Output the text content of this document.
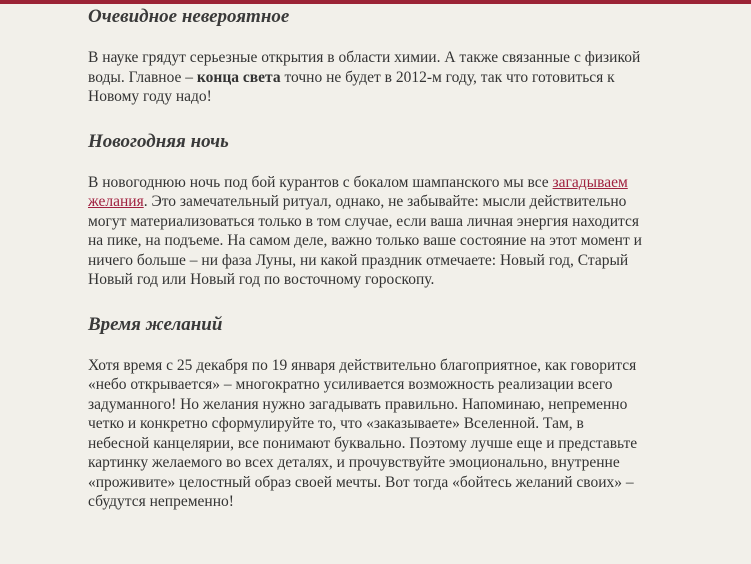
Очевидное невероятное

В науке грядут серьезные открытия в области химии. А также связанные с физикой воды. Главное – конца света точно не будет в 2012-м году, так что готовиться к Новому году надо!

Новогодняя ночь

В новогоднюю ночь под бой курантов с бокалом шампанского мы все загадываем желания. Это замечательный ритуал, однако, не забывайте: мысли действительно могут материализоваться только в том случае, если ваша личная энергия находится на пике, на подъеме. На самом деле, важно только ваше состояние на этот момент и ничего больше – ни фаза Луны, ни какой праздник отмечаете: Новый год, Старый Новый год или Новый год по восточному гороскопу.

Время желаний

Хотя время с 25 декабря по 19 января действительно благоприятное, как говорится «небо открывается» – многократно усиливается возможность реализации всего задуманного! Но желания нужно загадывать правильно. Напоминаю, непременно четко и конкретно сформулируйте то, что «заказываете» Вселенной. Там, в небесной канцелярии, все понимают буквально. Поэтому лучше еще и представьте картинку желаемого во всех деталях, и прочувствуйте эмоционально, внутренне «проживите» целостный образ своей мечты. Вот тогда «бойтесь желаний своих» – сбудутся непременно!
